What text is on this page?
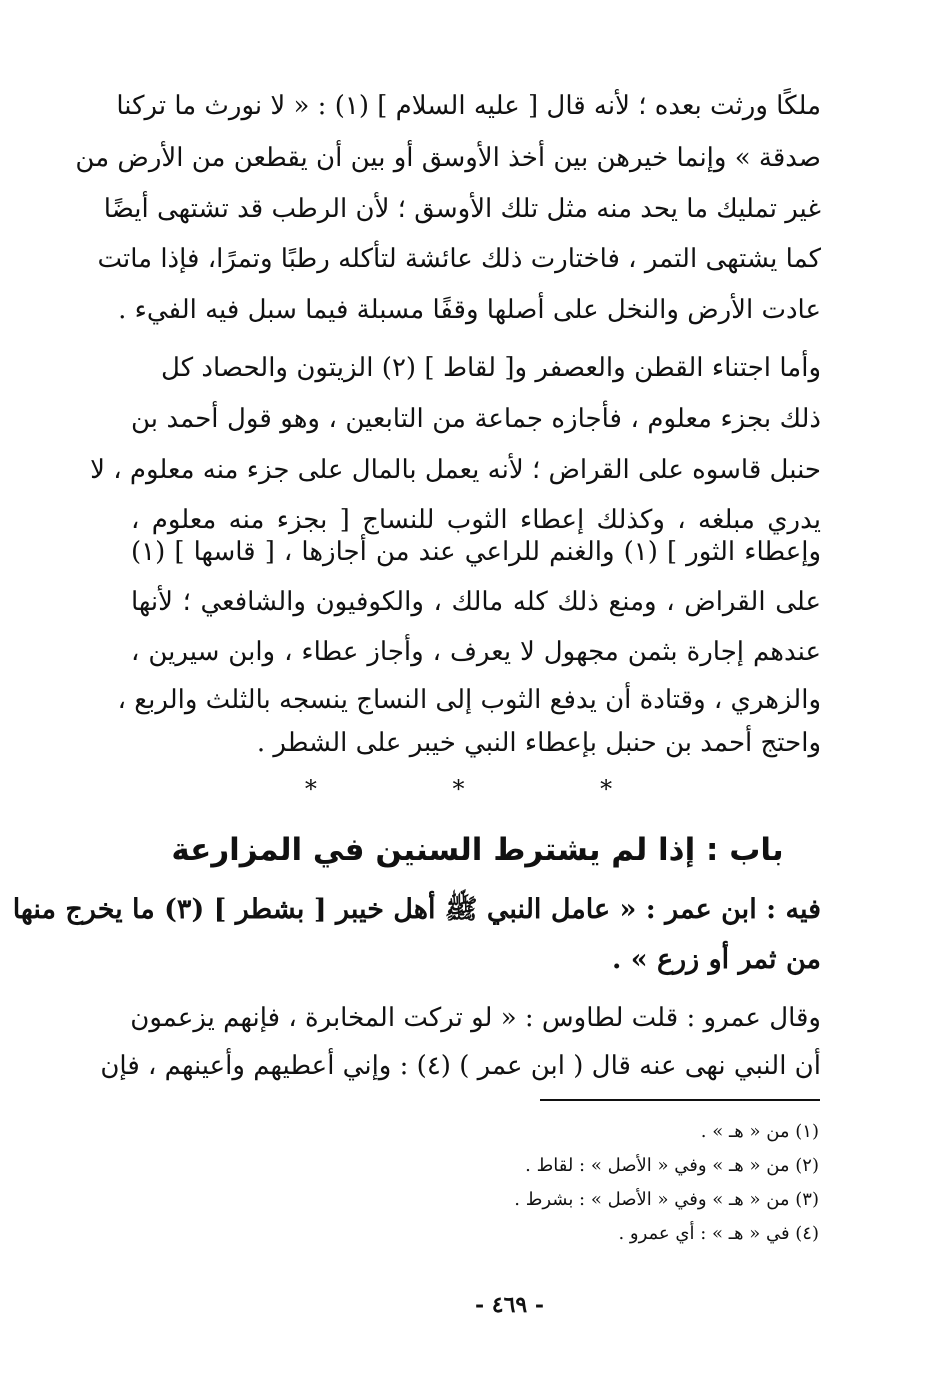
ملكًا ورثت بعده ؛ لأنه قال [ عليه السلام ] (١) : « لا نورث ما تركنا
صدقة » وإنما خيرهن بين أخذ الأوسق أو بين أن يقطعن من الأرض من
غير تمليك ما يحد منه مثل تلك الأوسق ؛ لأن الرطب قد تشتهى أيضًا
كما يشتهى التمر ، فاختارت ذلك عائشة لتأكله رطبًا وتمرًا، فإذا ماتت
عادت الأرض والنخل على أصلها وقفًا مسبلة فيما سبل فيه الفيء .
وأما اجتناء القطن والعصفر و[ لقاط ] (٢) الزيتون والحصاد كل
ذلك بجزء معلوم ، فأجازه جماعة من التابعين ، وهو قول أحمد بن
حنبل قاسوه على القراض ؛ لأنه يعمل بالمال على جزء منه معلوم ، لا
يدري مبلغه ، وكذلك إعطاء الثوب للنساج [ بجزء منه معلوم ،
وإعطاء الثور ] (١) والغنم للراعي عند من أجازها ، [ قاسها ] (١)
على القراض ، ومنع ذلك كله مالك ، والكوفيون والشافعي ؛ لأنها
عندهم إجارة بثمن مجهول لا يعرف ، وأجاز عطاء ، وابن سيرين ،
والزهري ، وقتادة أن يدفع الثوب إلى النساج ينسجه بالثلث والربع ،
واحتج أحمد بن حنبل بإعطاء النبي خيبر على الشطر .
* * *
باب : إذا لم يشترط السنين في المزارعة
فيه : ابن عمر : « عامل النبي ﷺ أهل خيبر [ بشطر ] (٣) ما يخرج منها
من ثمر أو زرع » .
وقال عمرو : قلت لطاوس : « لو تركت المخابرة ، فإنهم يزعمون
أن النبي نهى عنه قال ( ابن عمر ) (٤) : وإني أعطيهم وأعينهم ، فإن
(١) من « هـ » .
(٢) من « هـ » وفي « الأصل » : لقاط .
(٣) من « هـ » وفي « الأصل » : بشرط .
(٤) في « هـ » : أي عمرو .
- ٤٦٩ -
